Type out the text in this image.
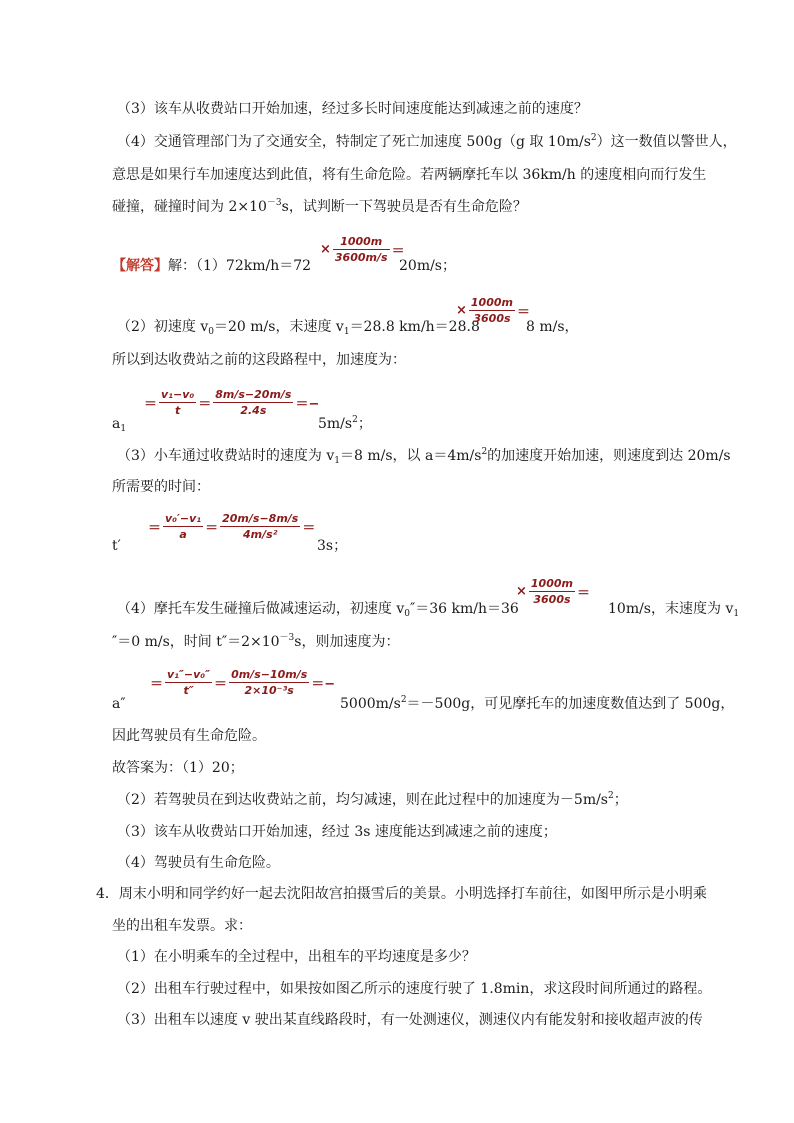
（3）该车从收费站口开始加速，经过多长时间速度能达到减速之前的速度？
（4）交通管理部门为了交通安全，特制定了死亡加速度 500g（g 取 $10m/s^2$）这一数值以警世人，
意思是如果行车加速度达到此值，将有生命危险。若两辆摩托车以 36km/h 的速度相向而行发生
碰撞，碰撞时间为 $2\times 10^{-3}s$，试判断一下驾驶员是否有生命危险？
【解答】解：（1）72km/h＝72
× $\frac{1000m}{3600m/s}$ ＝
20m/s；
（2）初速度 $v_0=20$ m/s，末速度 $v_1=28.8$ km/h＝28.8
× $\frac{1000m}{3600s}$ ＝
8 m/s，
所以到达收费站之前的这段路程中，加速度为：
$a_1$
＝ $\frac{\text{v₁−v₀}}{t} = \frac{8m/s-20m/s}{2.4s}$ ＝−
$5m/s^2$；
（3）小车通过收费站时的速度为 $v_1=8$ m/s，以 $a=4m/s^2$的加速度开始加速，则速度到达 20m/s
所需要的时间：
t′
＝ $\frac{\text{v₀′−v₁}}{a} = \frac{20m/s-8m/s}{\text{4m/s²}}$ ＝
3s；
（4）摩托车发生碰撞后做减速运动，初速度 $v_0''=36$ km/h＝36
× $\frac{1000m}{3600s}$ ＝
10m/s，末速度为 $v_1$
″＝0 m/s，时间 $t''=2\times 10^{-3}s$，则加速度为：
a″
＝ $\frac{\text{v₁″−v₀″}}{t''} = \frac{0m/s-10m/s}{\text{2×10⁻³s}}$ ＝−
$5000m/s^2=-500g$，可见摩托车的加速度数值达到了 500g，
因此驾驶员有生命危险。
故答案为：（1）20；
（2）若驾驶员在到达收费站之前，均匀减速，则在此过程中的加速度为$-5m/s^2$；
（3）该车从收费站口开始加速，经过 3s 速度能达到减速之前的速度；
（4）驾驶员有生命危险。
4．周末小明和同学约好一起去沈阳故宫拍摄雪后的美景。小明选择打车前往，如图甲所示是小明乘
坐的出租车发票。求：
（1）在小明乘车的全过程中，出租车的平均速度是多少？
（2）出租车行驶过程中，如果按如图乙所示的速度行驶了 1.8min，求这段时间所通过的路程。
（3）出租车以速度 v 驶出某直线路段时，有一处测速仪，测速仪内有能发射和接收超声波的传
